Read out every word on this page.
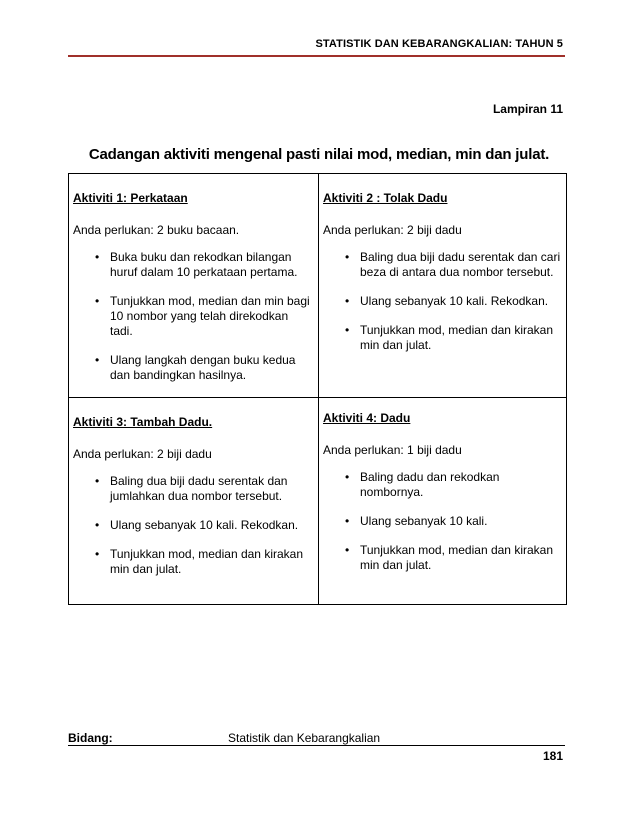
STATISTIK DAN KEBARANGKALIAN: TAHUN 5
Lampiran 11
Cadangan aktiviti mengenal pasti nilai mod, median, min dan julat.
Aktiviti 1: Perkataan
Anda perlukan: 2 buku bacaan.
• Buka buku dan rekodkan bilangan huruf dalam 10 perkataan pertama.
• Tunjukkan mod, median dan min bagi 10 nombor yang telah direkodkan tadi.
• Ulang langkah dengan buku kedua dan bandingkan hasilnya.
Aktiviti 2 : Tolak Dadu
Anda perlukan: 2 biji dadu
• Baling dua biji dadu serentak dan cari beza di antara dua nombor tersebut.
• Ulang sebanyak 10 kali. Rekodkan.
• Tunjukkan mod, median dan kirakan min dan julat.
Aktiviti 3: Tambah Dadu.
Anda perlukan: 2 biji dadu
• Baling dua biji dadu serentak dan jumlahkan dua nombor tersebut.
• Ulang sebanyak 10 kali. Rekodkan.
• Tunjukkan mod, median dan kirakan min dan julat.
Aktiviti 4: Dadu
Anda perlukan: 1 biji dadu
• Baling dadu dan rekodkan nombornya.
• Ulang sebanyak 10 kali.
• Tunjukkan mod, median dan kirakan min dan julat.
Bidang:	Statistik dan Kebarangkalian
181
